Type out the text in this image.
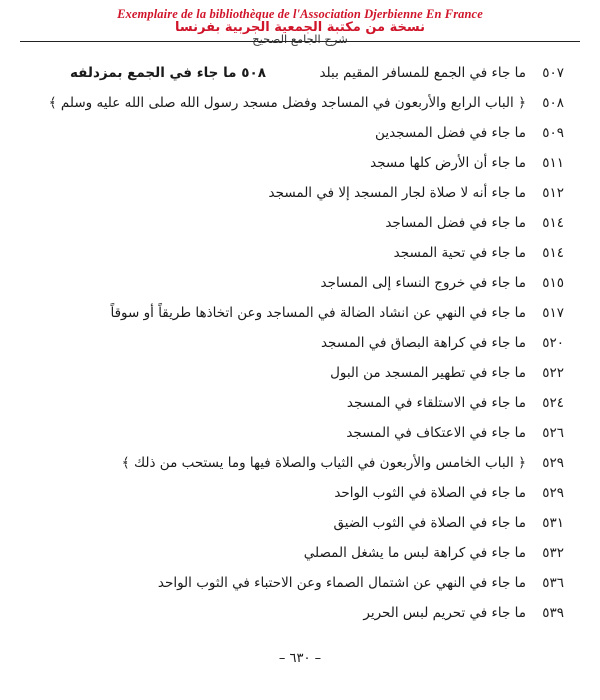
Exemplaire de la bibliothèque de l'Association Djerbienne En France
نسخة من مكتبة الجمعية الجربية بفرنسا
شرح الجامع الصحيح
٥٠٧
ما جاء في الجمع للمسافر المقيم ببلد
٥٠٨ ما جاء في الجمع بمزدلفه
٥٠٨
﴿ الباب الرابع والأربعون في المساجد وفضل مسجد رسول الله صلى الله عليه وسلم ﴾
٥٠٩
ما جاء في فضل المسجدين
٥١١
ما جاء أن الأرض كلها مسجد
٥١٢
ما جاء أنه لا صلاة لجار المسجد إلا في المسجد
٥١٤
ما جاء في فضل المساجد
٥١٤
ما جاء في تحية المسجد
٥١٥
ما جاء في خروج النساء إلى المساجد
٥١٧
ما جاء في النهي عن انشاد الضالة في المساجد وعن اتخاذها طريقاً أو سوقاً
٥٢٠
ما جاء في كراهة البصاق في المسجد
٥٢٢
ما جاء في تطهير المسجد من البول
٥٢٤
ما جاء في الاستلقاء في المسجد
٥٢٦
ما جاء في الاعتكاف في المسجد
٥٢٩
﴿ الباب الخامس والأربعون في الثياب والصلاة فيها وما يستحب من ذلك ﴾
٥٢٩
ما جاء في الصلاة في الثوب الواحد
٥٣١
ما جاء في الصلاة في الثوب الضيق
٥٣٢
ما جاء في كراهة لبس ما يشغل المصلي
٥٣٦
ما جاء في النهي عن اشتمال الصماء وعن الاحتباء في الثوب الواحد
٥٣٩
ما جاء في تحريم لبس الحرير
– ٦٣٠ –
